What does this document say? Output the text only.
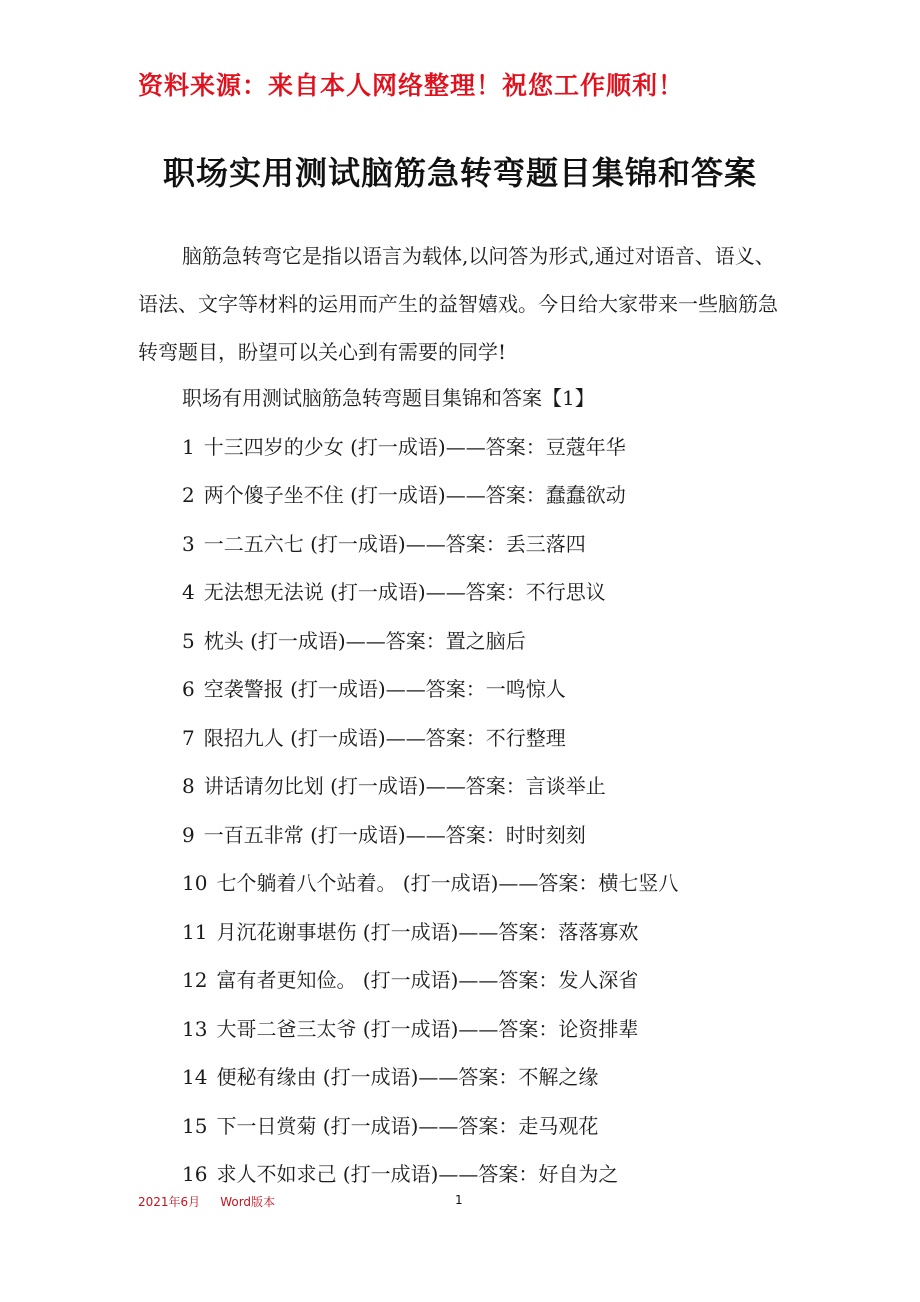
资料来源：来自本人网络整理！祝您工作顺利！
职场实用测试脑筋急转弯题目集锦和答案
脑筋急转弯它是指以语言为载体,以问答为形式,通过对语音、语义、语法、文字等材料的运用而产生的益智嬉戏。今日给大家带来一些脑筋急转弯题目，盼望可以关心到有需要的同学!
职场有用测试脑筋急转弯题目集锦和答案【1】
1 十三四岁的少女 (打一成语)——答案：豆蔻年华
2 两个傻子坐不住 (打一成语)——答案：蠢蠢欲动
3 一二五六七 (打一成语)——答案：丢三落四
4 无法想无法说 (打一成语)——答案：不行思议
5 枕头 (打一成语)——答案：置之脑后
6 空袭警报 (打一成语)——答案：一鸣惊人
7 限招九人 (打一成语)——答案：不行整理
8 讲话请勿比划 (打一成语)——答案：言谈举止
9 一百五非常 (打一成语)——答案：时时刻刻
10 七个躺着八个站着。 (打一成语)——答案：横七竖八
11 月沉花谢事堪伤 (打一成语)——答案：落落寡欢
12 富有者更知俭。 (打一成语)——答案：发人深省
13 大哥二爸三太爷 (打一成语)——答案：论资排辈
14 便秘有缘由 (打一成语)——答案：不解之缘
15 下一日赏菊 (打一成语)——答案：走马观花
16 求人不如求己 (打一成语)——答案：好自为之
2021年6月 Word版本	1
